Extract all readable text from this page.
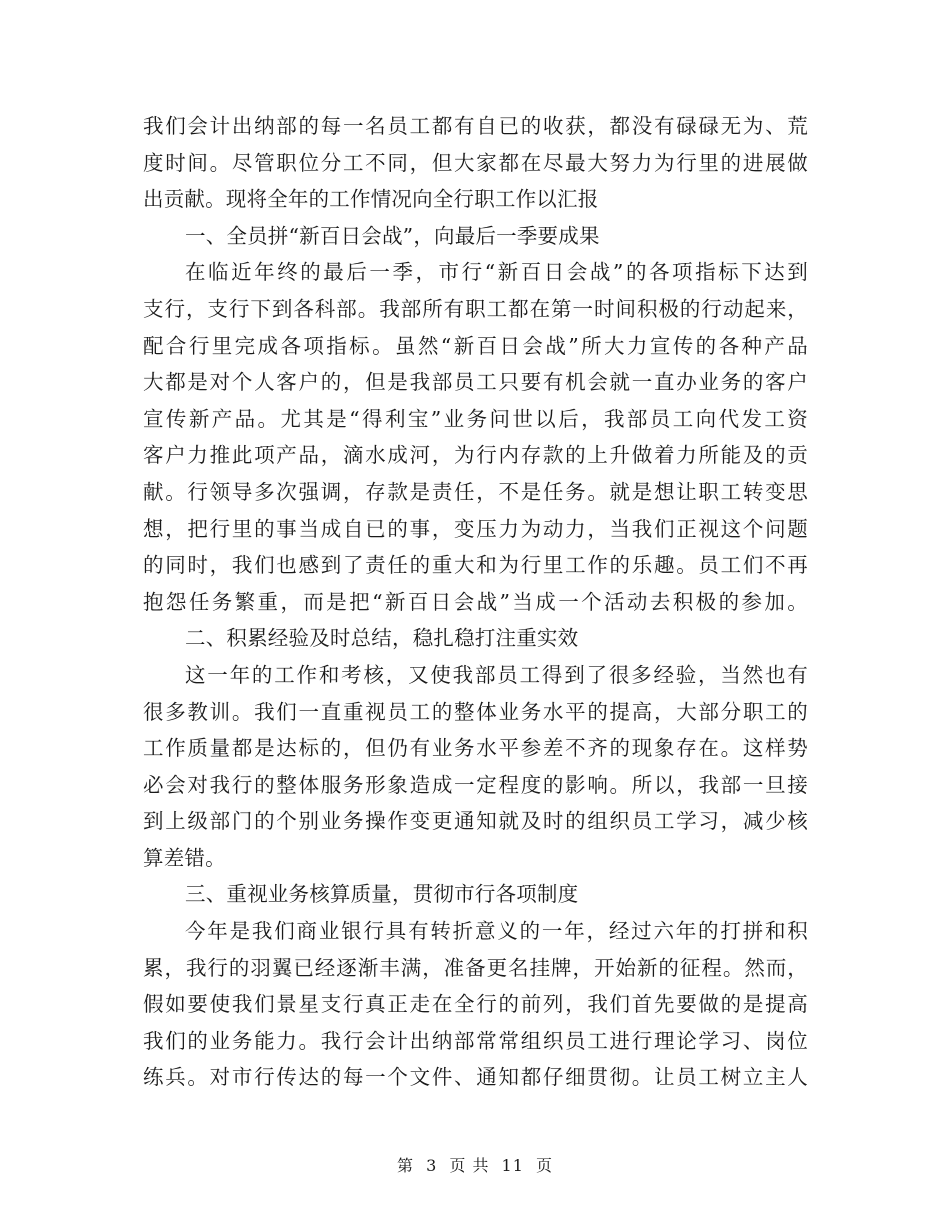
我们会计出纳部的每一名员工都有自已的收获，都没有碌碌无为、荒
度时间。尽管职位分工不同，但大家都在尽最大努力为行里的进展做
出贡献。现将全年的工作情况向全行职工作以汇报
一、全员拼“新百日会战”，向最后一季要成果
在临近年终的最后一季，市行“新百日会战”的各项指标下达到
支行，支行下到各科部。我部所有职工都在第一时间积极的行动起来，
配合行里完成各项指标。虽然“新百日会战”所大力宣传的各种产品
大都是对个人客户的，但是我部员工只要有机会就一直办业务的客户
宣传新产品。尤其是“得利宝”业务问世以后，我部员工向代发工资
客户力推此项产品，滴水成河，为行内存款的上升做着力所能及的贡
献。行领导多次强调，存款是责任，不是任务。就是想让职工转变思
想，把行里的事当成自已的事，变压力为动力，当我们正视这个问题
的同时，我们也感到了责任的重大和为行里工作的乐趣。员工们不再
抱怨任务繁重，而是把“新百日会战”当成一个活动去积极的参加。
二、积累经验及时总结，稳扎稳打注重实效
这一年的工作和考核，又使我部员工得到了很多经验，当然也有
很多教训。我们一直重视员工的整体业务水平的提高，大部分职工的
工作质量都是达标的，但仍有业务水平参差不齐的现象存在。这样势
必会对我行的整体服务形象造成一定程度的影响。所以，我部一旦接
到上级部门的个别业务操作变更通知就及时的组织员工学习，减少核
算差错。
三、重视业务核算质量，贯彻市行各项制度
今年是我们商业银行具有转折意义的一年，经过六年的打拼和积
累，我行的羽翼已经逐渐丰满，准备更名挂牌，开始新的征程。然而，
假如要使我们景星支行真正走在全行的前列，我们首先要做的是提高
我们的业务能力。我行会计出纳部常常组织员工进行理论学习、岗位
练兵。对市行传达的每一个文件、通知都仔细贯彻。让员工树立主人
第 3 页 共 11 页
